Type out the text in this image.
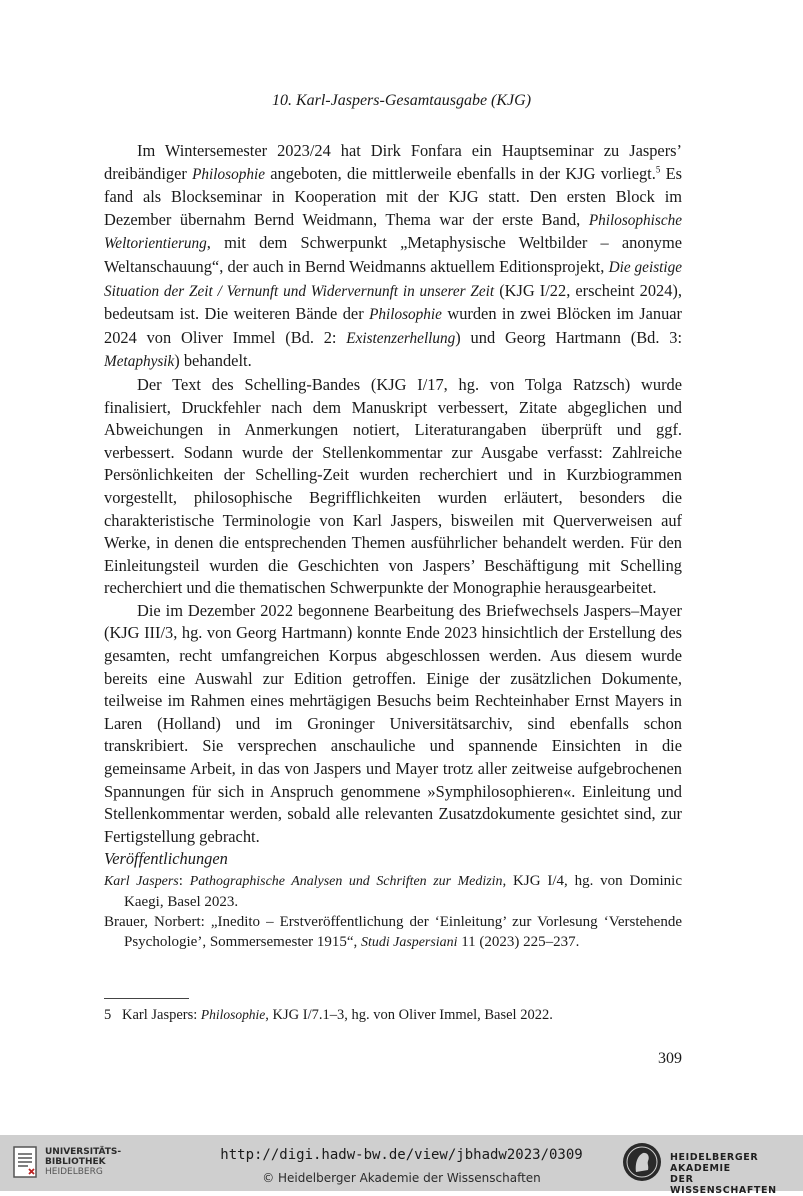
10. Karl-Jaspers-Gesamtausgabe (KJG)

Im Wintersemester 2023/24 hat Dirk Fonfara ein Hauptseminar zu Jaspers’ dreibändiger Philosophie angeboten, die mittlerweile ebenfalls in der KJG vorliegt.$^5$ Es fand als Blockseminar in Kooperation mit der KJG statt. Den ersten Block im Dezember übernahm Bernd Weidmann, Thema war der erste Band, Philosophische Weltorientierung, mit dem Schwerpunkt „Metaphysische Weltbilder – anonyme Weltanschauung“, der auch in Bernd Weidmanns aktuellem Editionsprojekt, Die geistige Situation der Zeit / Vernunft und Widervernunft in unserer Zeit (KJG I/22, erscheint 2024), bedeutsam ist. Die weiteren Bände der Philosophie wurden in zwei Blöcken im Januar 2024 von Oliver Immel (Bd. 2: Existenzerhellung) und Georg Hartmann (Bd. 3: Metaphysik) behandelt.

Der Text des Schelling-Bandes (KJG I/17, hg. von Tolga Ratzsch) wurde finalisiert, Druckfehler nach dem Manuskript verbessert, Zitate abgeglichen und Abweichungen in Anmerkungen notiert, Literaturangaben überprüft und ggf. verbessert. Sodann wurde der Stellenkommentar zur Ausgabe verfasst: Zahlreiche Persönlichkeiten der Schelling-Zeit wurden recherchiert und in Kurzbiogrammen vorgestellt, philosophische Begrifflichkeiten wurden erläutert, besonders die charakteristische Terminologie von Karl Jaspers, bisweilen mit Querverweisen auf Werke, in denen die entsprechenden Themen ausführlicher behandelt werden. Für den Einleitungsteil wurden die Geschichten von Jaspers’ Beschäftigung mit Schelling recherchiert und die thematischen Schwerpunkte der Monographie herausgearbeitet.

Die im Dezember 2022 begonnene Bearbeitung des Briefwechsels Jaspers–Mayer (KJG III/3, hg. von Georg Hartmann) konnte Ende 2023 hinsichtlich der Erstellung des gesamten, recht umfangreichen Korpus abgeschlossen werden. Aus diesem wurde bereits eine Auswahl zur Edition getroffen. Einige der zusätzlichen Dokumente, teilweise im Rahmen eines mehrtägigen Besuchs beim Rechteinhaber Ernst Mayers in Laren (Holland) und im Groninger Universitätsarchiv, sind ebenfalls schon transkribiert. Sie versprechen anschauliche und spannende Einsichten in die gemeinsame Arbeit, in das von Jaspers und Mayer trotz aller zeitweise aufgebrochenen Spannungen für sich in Anspruch genommene »Symphilosophieren«. Einleitung und Stellenkommentar werden, sobald alle relevanten Zusatzdokumente gesichtet sind, zur Fertigstellung gebracht.

Veröffentlichungen

Karl Jaspers: Pathographische Analysen und Schriften zur Medizin, KJG I/4, hg. von Dominic Kaegi, Basel 2023.

Brauer, Norbert: „Inedito – Erstveröffentlichung der ‘Einleitung’ zur Vorlesung ‘Verstehende Psychologie’, Sommersemester 1915“, Studi Jaspersiani 11 (2023) 225–237.

5 Karl Jaspers: Philosophie, KJG I/7.1–3, hg. von Oliver Immel, Basel 2022.
309
UNIVERSITÄTS-
BIBLIOTHEK
HEIDELBERG
http://digi.hadw-bw.de/view/jbhadw2023/0309
© Heidelberger Akademie der Wissenschaften
HEIDELBERGER AKADEMIE
DER WISSENSCHAFTEN
